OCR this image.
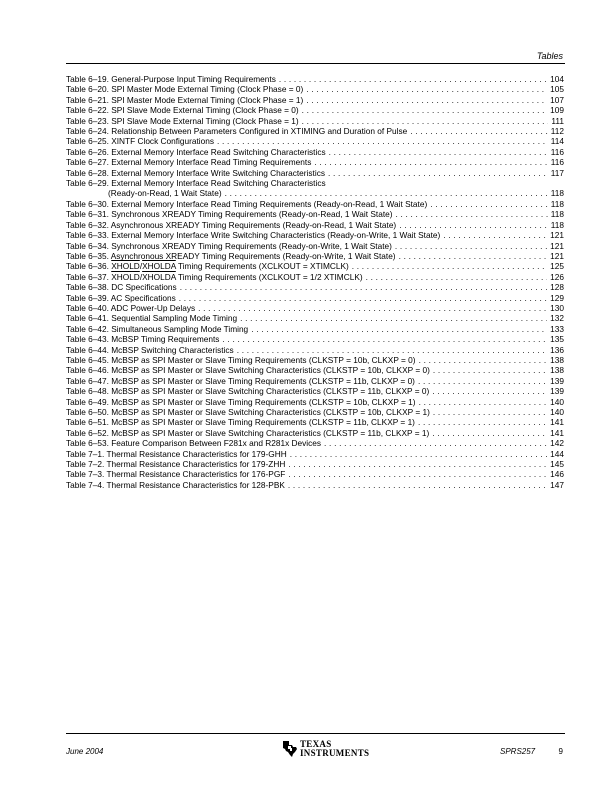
Tables
Table 6–19. General-Purpose Input Timing Requirements . . .	104
Table 6–20. SPI Master Mode External Timing (Clock Phase = 0) . . .	105
Table 6–21. SPI Master Mode External Timing (Clock Phase = 1) . . .	107
Table 6–22. SPI Slave Mode External Timing (Clock Phase = 0) . . .	109
Table 6–23. SPI Slave Mode External Timing (Clock Phase = 1) . . .	111
Table 6–24. Relationship Between Parameters Configured in XTIMING and Duration of Pulse . . .	112
Table 6–25. XINTF Clock Configurations . . .	114
Table 6–26. External Memory Interface Read Switching Characteristics . . .	116
Table 6–27. External Memory Interface Read Timing Requirements . . .	116
Table 6–28. External Memory Interface Write Switching Characteristics . . .	117
Table 6–29. External Memory Interface Read Switching Characteristics
(Ready-on-Read, 1 Wait State) . . .	118
Table 6–30. External Memory Interface Read Timing Requirements (Ready-on-Read, 1 Wait State) . . .	118
Table 6–31. Synchronous XREADY Timing Requirements (Ready-on-Read, 1 Wait State) . . .	118
Table 6–32. Asynchronous XREADY Timing Requirements (Ready-on-Read, 1 Wait State) . . .	118
Table 6–33. External Memory Interface Write Switching Characteristics (Ready-on-Write, 1 Wait State) . . .	121
Table 6–34. Synchronous XREADY Timing Requirements (Ready-on-Write, 1 Wait State) . . .	121
Table 6–35. Asynchronous XREADY Timing Requirements (Ready-on-Write, 1 Wait State) . . .	121
Table 6–36. XHOLD/XHOLDA Timing Requirements (XCLKOUT = XTIMCLK) . . .	125
Table 6–37. XHOLD/XHOLDA Timing Requirements (XCLKOUT = 1/2 XTIMCLK) . . .	126
Table 6–38. DC Specifications . . .	128
Table 6–39. AC Specifications . . .	129
Table 6–40. ADC Power-Up Delays . . .	130
Table 6–41. Sequential Sampling Mode Timing . . .	132
Table 6–42. Simultaneous Sampling Mode Timing . . .	133
Table 6–43. McBSP Timing Requirements . . .	135
Table 6–44. McBSP Switching Characteristics . . .	136
Table 6–45. McBSP as SPI Master or Slave Timing Requirements (CLKSTP = 10b, CLKXP = 0) . . .	138
Table 6–46. McBSP as SPI Master or Slave Switching Characteristics (CLKSTP = 10b, CLKXP = 0) . . .	138
Table 6–47. McBSP as SPI Master or Slave Timing Requirements (CLKSTP = 11b, CLKXP = 0) . . .	139
Table 6–48. McBSP as SPI Master or Slave Switching Characteristics (CLKSTP = 11b, CLKXP = 0) . . .	139
Table 6–49. McBSP as SPI Master or Slave Timing Requirements (CLKSTP = 10b, CLKXP = 1) . . .	140
Table 6–50. McBSP as SPI Master or Slave Switching Characteristics (CLKSTP = 10b, CLKXP = 1) . . .	140
Table 6–51. McBSP as SPI Master or Slave Timing Requirements (CLKSTP = 11b, CLKXP = 1) . . .	141
Table 6–52. McBSP as SPI Master or Slave Switching Characteristics (CLKSTP = 11b, CLKXP = 1) . . .	141
Table 6–53. Feature Comparison Between F281x and R281x Devices . . .	142
Table 7–1. Thermal Resistance Characteristics for 179-GHH . . .	144
Table 7–2. Thermal Resistance Characteristics for 179-ZHH . . .	145
Table 7–3. Thermal Resistance Characteristics for 176-PGF . . .	146
Table 7–4. Thermal Resistance Characteristics for 128-PBK . . .	147
June 2004
TEXAS
INSTRUMENTS	SPRS257	9
